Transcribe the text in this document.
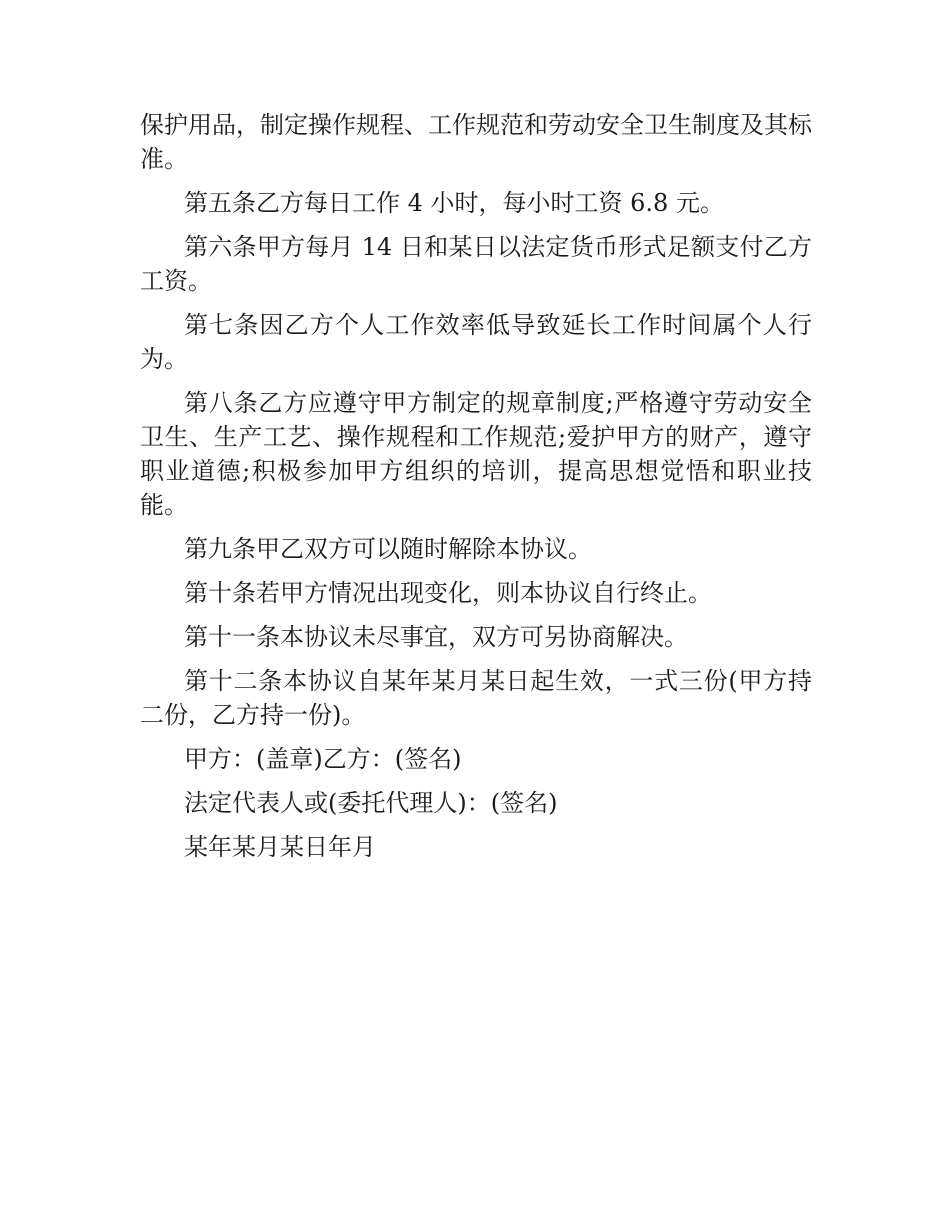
保护用品，制定操作规程、工作规范和劳动安全卫生制度及其标准。

第五条乙方每日工作 4 小时，每小时工资 6.8 元。

第六条甲方每月 14 日和某日以法定货币形式足额支付乙方工资。

第七条因乙方个人工作效率低导致延长工作时间属个人行为。

第八条乙方应遵守甲方制定的规章制度;严格遵守劳动安全卫生、生产工艺、操作规程和工作规范;爱护甲方的财产，遵守职业道德;积极参加甲方组织的培训，提高思想觉悟和职业技能。

第九条甲乙双方可以随时解除本协议。

第十条若甲方情况出现变化，则本协议自行终止。

第十一条本协议未尽事宜，双方可另协商解决。

第十二条本协议自某年某月某日起生效，一式三份(甲方持二份，乙方持一份)。

甲方：(盖章)乙方：(签名)

法定代表人或(委托代理人)：(签名)

某年某月某日年月
